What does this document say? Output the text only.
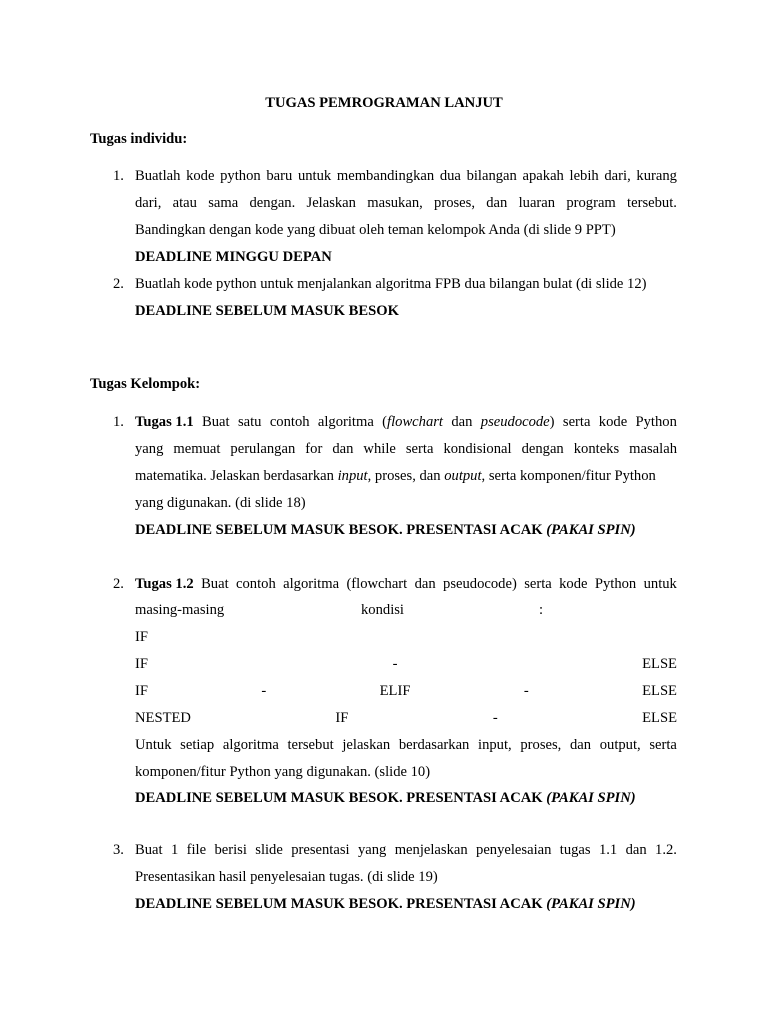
TUGAS PEMROGRAMAN LANJUT
Tugas individu:
1. Buatlah kode python baru untuk membandingkan dua bilangan apakah lebih dari, kurang
dari, atau sama dengan. Jelaskan masukan, proses, dan luaran program tersebut.
Bandingkan dengan kode yang dibuat oleh teman kelompok Anda (di slide 9 PPT)
DEADLINE MINGGU DEPAN
2. Buatlah kode python untuk menjalankan algoritma FPB dua bilangan bulat (di slide 12)
DEADLINE SEBELUM MASUK BESOK
Tugas Kelompok:
1. Tugas 1.1 Buat satu contoh algoritma (flowchart dan pseudocode) serta kode Python
yang memuat perulangan for dan while serta kondisional dengan konteks masalah
matematika. Jelaskan berdasarkan input, proses, dan output, serta komponen/fitur Python
yang digunakan. (di slide 18)
DEADLINE SEBELUM MASUK BESOK. PRESENTASI ACAK (PAKAI SPIN)
2. Tugas 1.2 Buat contoh algoritma (flowchart dan pseudocode) serta kode Python untuk
masing-masing	kondisi	:
IF
IF	-	ELSE
IF	-	ELIF	-	ELSE
NESTED	IF	-	ELSE
Untuk setiap algoritma tersebut jelaskan berdasarkan input, proses, dan output, serta
komponen/fitur Python yang digunakan. (slide 10)
DEADLINE SEBELUM MASUK BESOK. PRESENTASI ACAK (PAKAI SPIN)
3. Buat 1 file berisi slide presentasi yang menjelaskan penyelesaian tugas 1.1 dan 1.2.
Presentasikan hasil penyelesaian tugas. (di slide 19)
DEADLINE SEBELUM MASUK BESOK. PRESENTASI ACAK (PAKAI SPIN)
